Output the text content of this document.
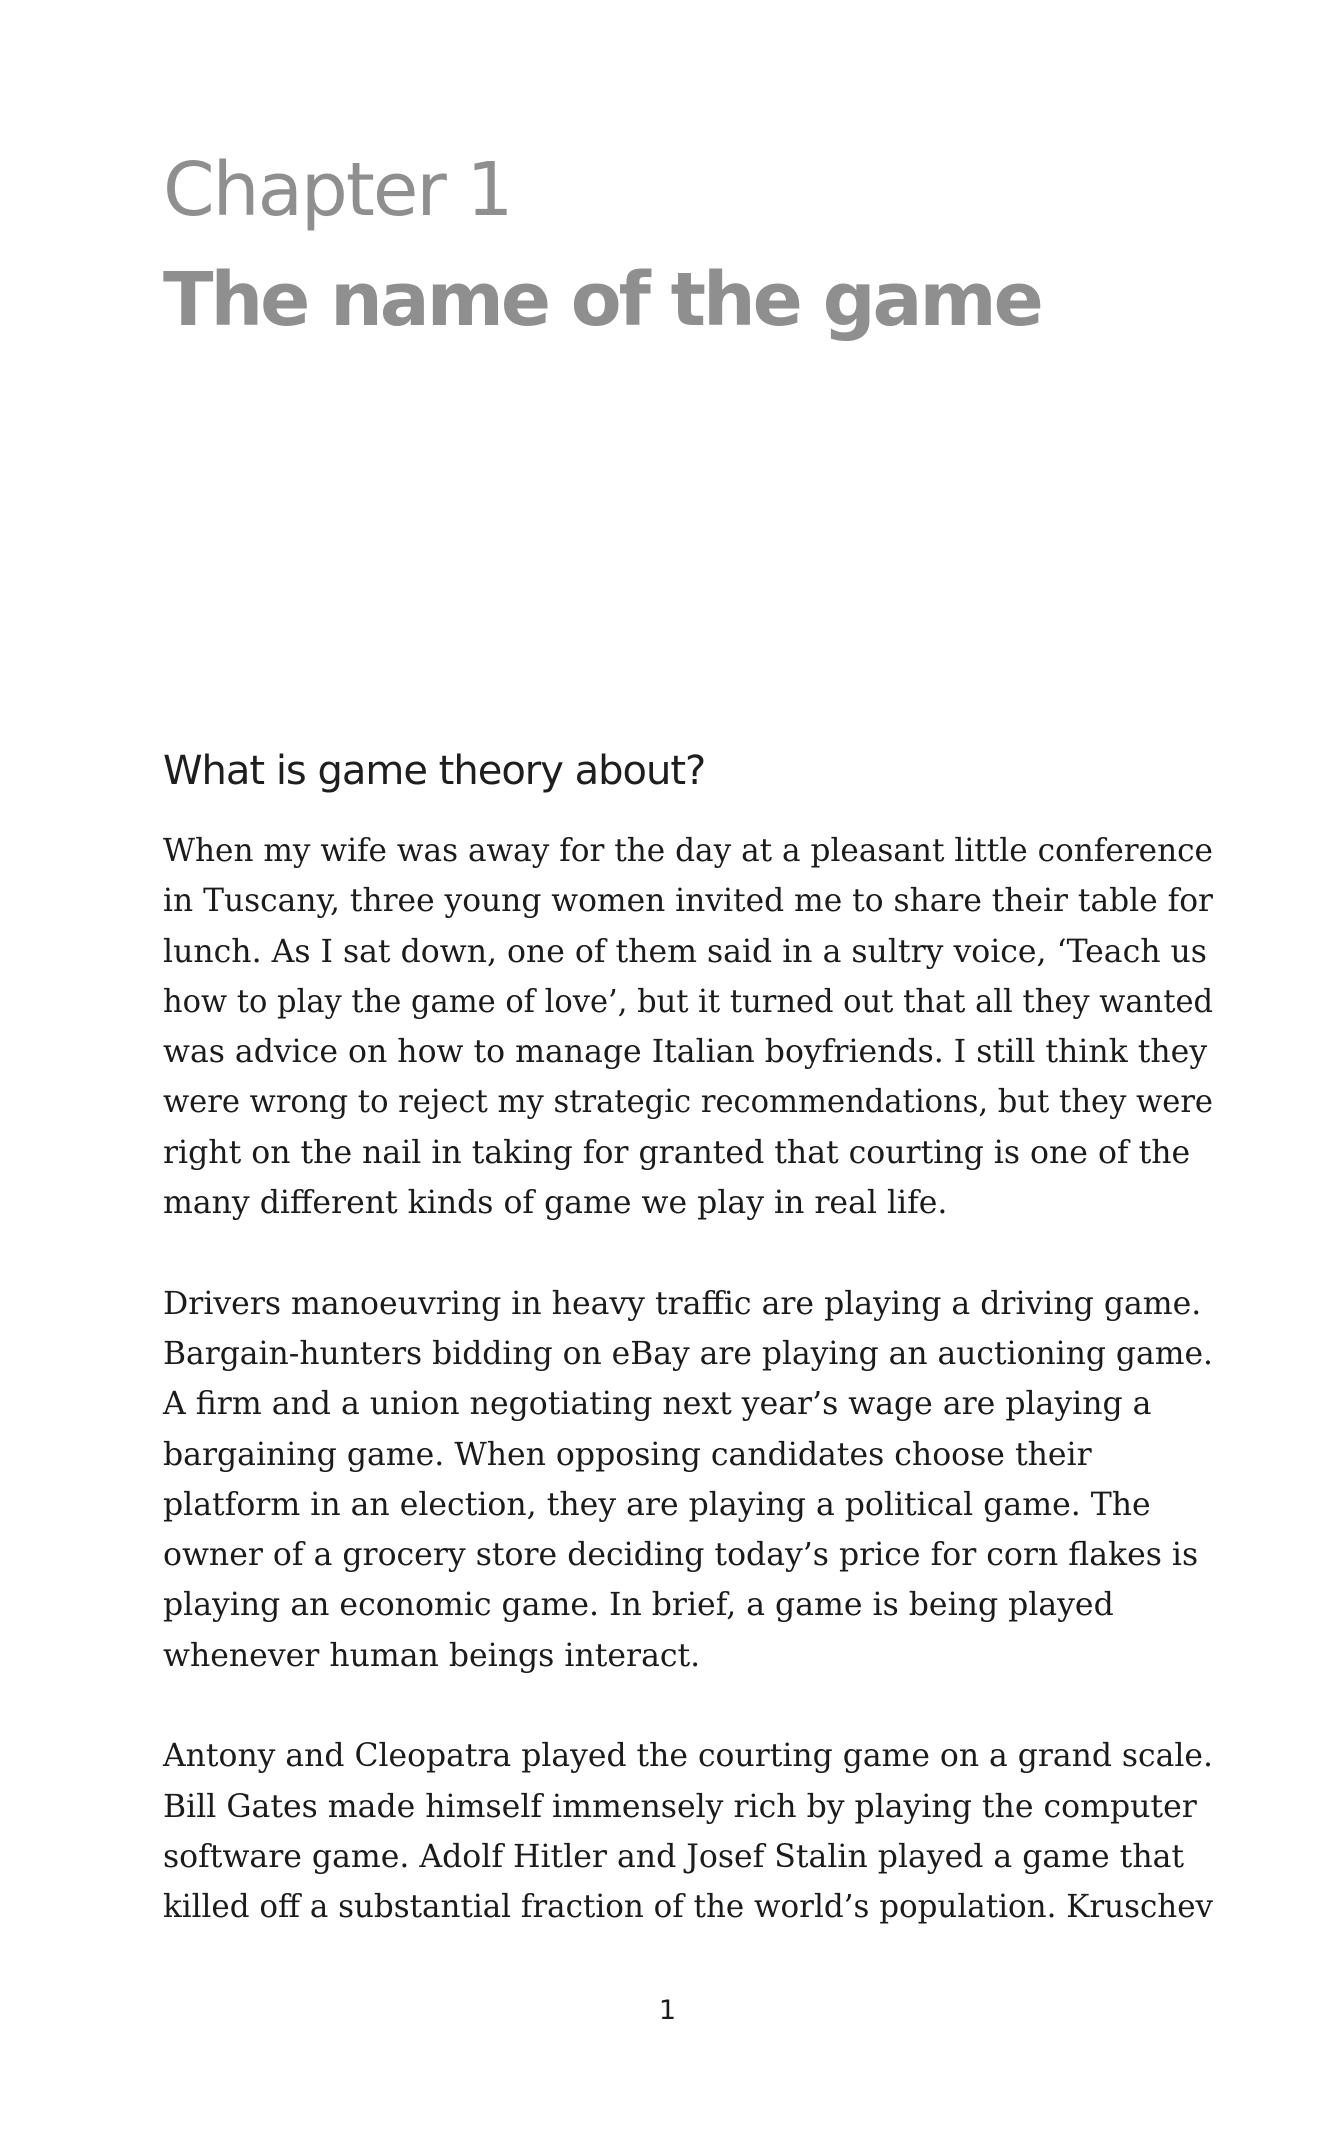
Chapter 1
The name of the game
What is game theory about?

When my wife was away for the day at a pleasant little conference
in Tuscany, three young women invited me to share their table for
lunch. As I sat down, one of them said in a sultry voice, ‘Teach us
how to play the game of love’, but it turned out that all they wanted
was advice on how to manage Italian boyfriends. I still think they
were wrong to reject my strategic recommendations, but they were
right on the nail in taking for granted that courting is one of the
many different kinds of game we play in real life.

Drivers manoeuvring in heavy traffic are playing a driving game.
Bargain-hunters bidding on eBay are playing an auctioning game.
A firm and a union negotiating next year’s wage are playing a
bargaining game. When opposing candidates choose their
platform in an election, they are playing a political game. The
owner of a grocery store deciding today’s price for corn flakes is
playing an economic game. In brief, a game is being played
whenever human beings interact.

Antony and Cleopatra played the courting game on a grand scale.
Bill Gates made himself immensely rich by playing the computer
software game. Adolf Hitler and Josef Stalin played a game that
killed off a substantial fraction of the world’s population. Kruschev

1
